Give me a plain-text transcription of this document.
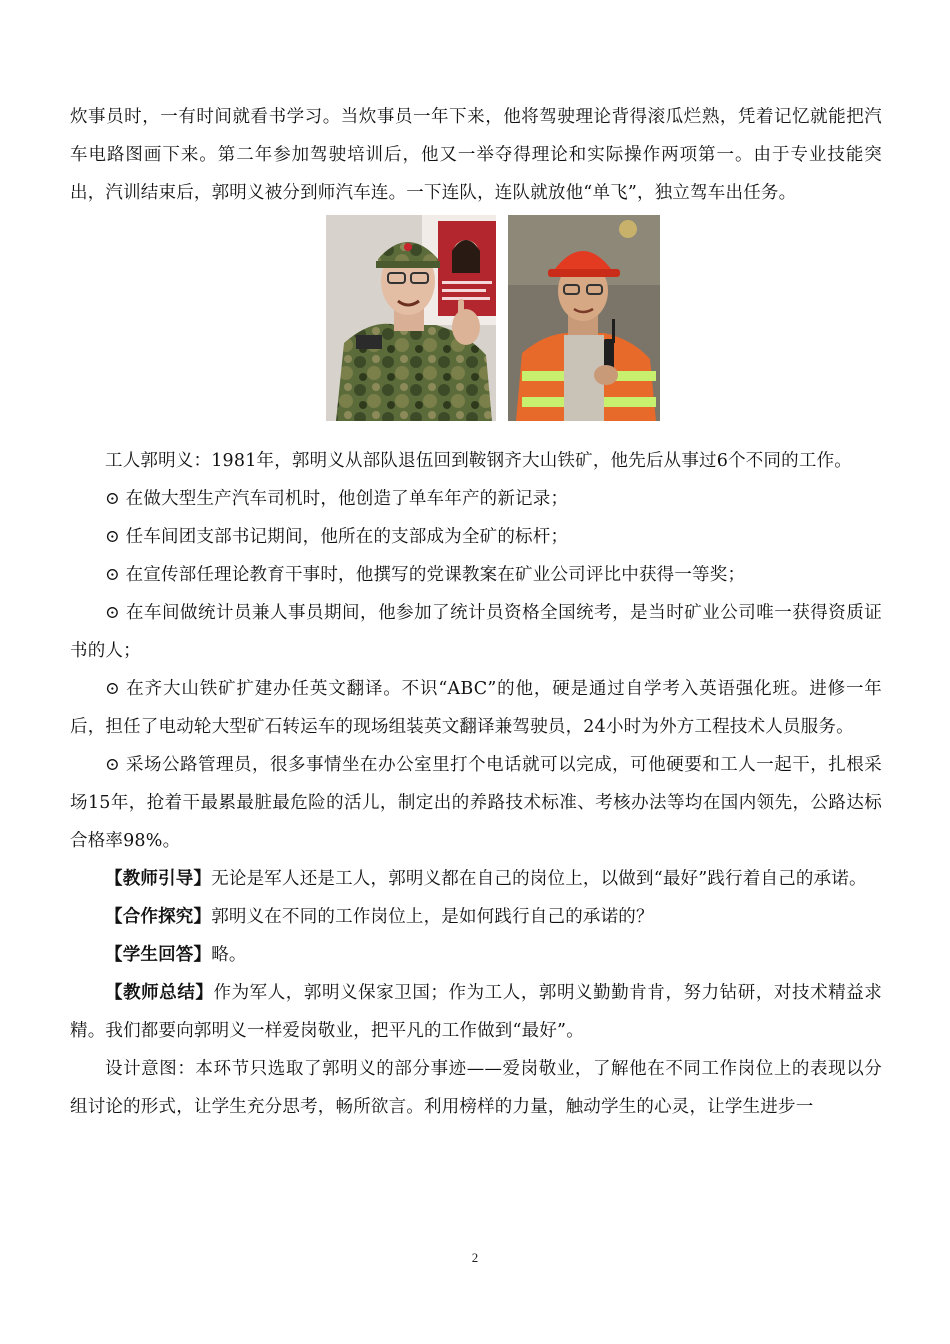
炊事员时，一有时间就看书学习。当炊事员一年下来，他将驾驶理论背得滚瓜烂熟，凭着记忆就能把汽车电路图画下来。第二年参加驾驶培训后，他又一举夺得理论和实际操作两项第一。由于专业技能突出，汽训结束后，郭明义被分到师汽车连。一下连队，连队就放他“单飞”，独立驾车出任务。

工人郭明义：1981年，郭明义从部队退伍回到鞍钢齐大山铁矿，他先后从事过6个不同的工作。

⊙ 在做大型生产汽车司机时，他创造了单车年产的新记录；

⊙ 任车间团支部书记期间，他所在的支部成为全矿的标杆；

⊙ 在宣传部任理论教育干事时，他撰写的党课教案在矿业公司评比中获得一等奖；

⊙ 在车间做统计员兼人事员期间，他参加了统计员资格全国统考，是当时矿业公司唯一获得资质证书的人；

⊙ 在齐大山铁矿扩建办任英文翻译。不识“ABC”的他，硬是通过自学考入英语强化班。进修一年后，担任了电动轮大型矿石转运车的现场组装英文翻译兼驾驶员，24小时为外方工程技术人员服务。

⊙ 采场公路管理员，很多事情坐在办公室里打个电话就可以完成，可他硬要和工人一起干，扎根采场15年，抢着干最累最脏最危险的活儿，制定出的养路技术标准、考核办法等均在国内领先，公路达标合格率98%。

【教师引导】无论是军人还是工人，郭明义都在自己的岗位上，以做到“最好”践行着自己的承诺。

【合作探究】郭明义在不同的工作岗位上，是如何践行自己的承诺的？

【学生回答】略。

【教师总结】作为军人，郭明义保家卫国；作为工人，郭明义勤勤肯肯，努力钻研，对技术精益求精。我们都要向郭明义一样爱岗敬业，把平凡的工作做到“最好”。

设计意图：本环节只选取了郭明义的部分事迹——爱岗敬业，了解他在不同工作岗位上的表现以分组讨论的形式，让学生充分思考，畅所欲言。利用榜样的力量，触动学生的心灵，让学生进步一

2
